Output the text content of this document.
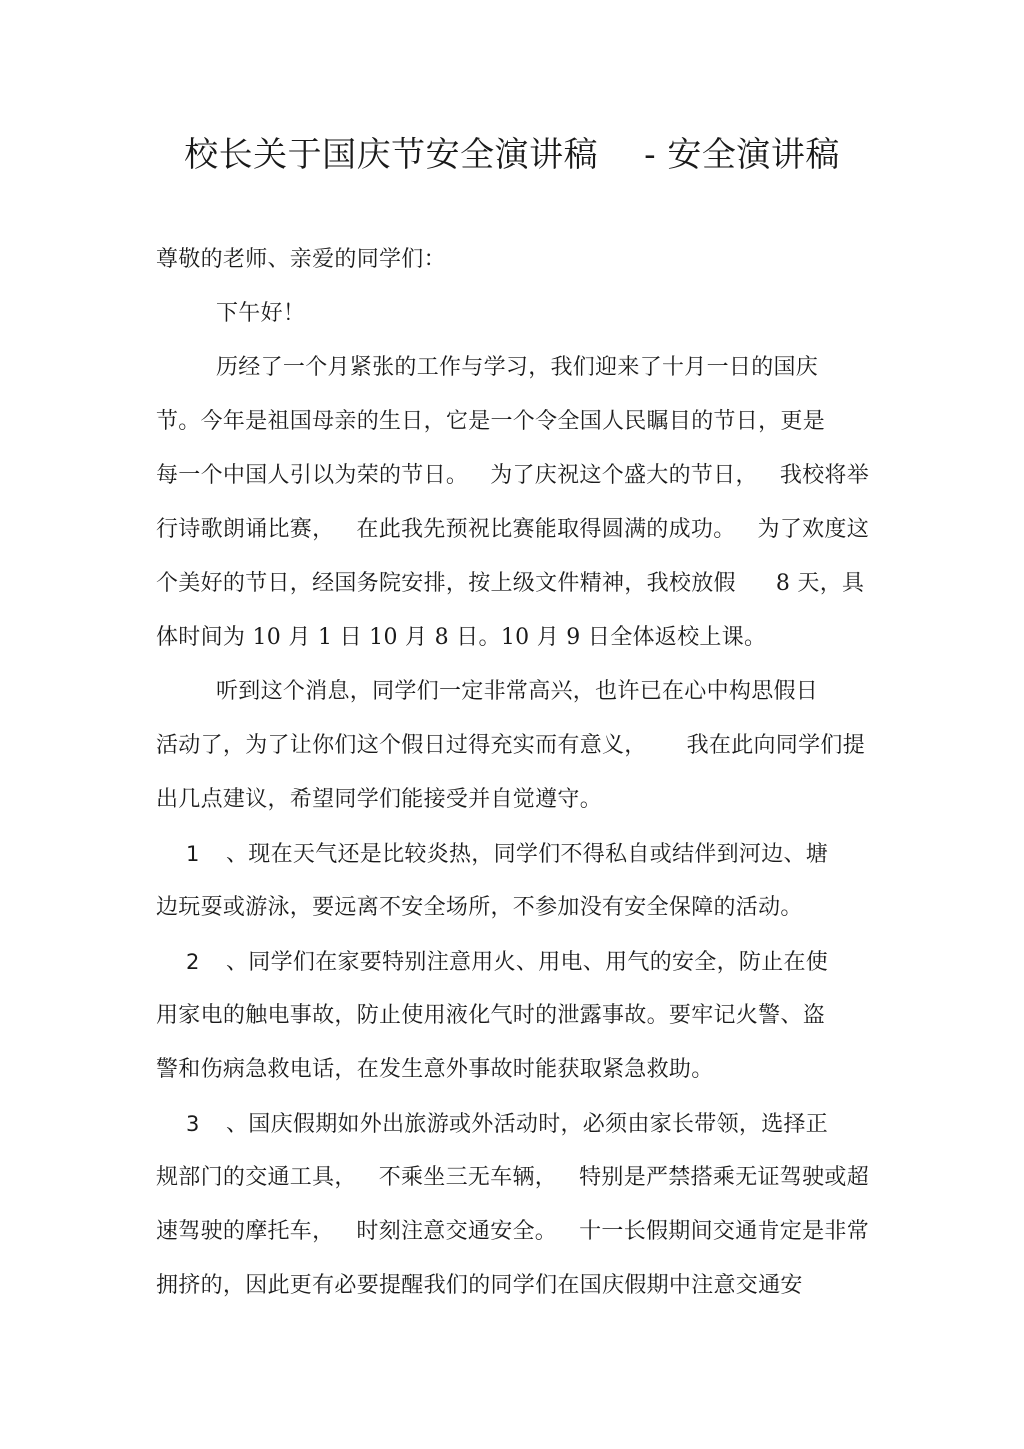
校长关于国庆节安全演讲稿 - 安全演讲稿
尊敬的老师、亲爱的同学们：
下午好！
历经了一个月紧张的工作与学习，我们迎来了十月一日的国庆
节。今年是祖国母亲的生日，它是一个令全国人民瞩目的节日，更是
每一个中国人引以为荣的节日。 为了庆祝这个盛大的节日， 我校将举
行诗歌朗诵比赛， 在此我先预祝比赛能取得圆满的成功。 为了欢度这
个美好的节日，经国务院安排，按上级文件精神，我校放假 8 天，具
体时间为 10 月 1 日 10 月 8 日。10 月 9 日全体返校上课。
听到这个消息，同学们一定非常高兴，也许已在心中构思假日
活动了，为了让你们这个假日过得充实而有意义， 我在此向同学们提
出几点建议，希望同学们能接受并自觉遵守。
1 、现在天气还是比较炎热，同学们不得私自或结伴到河边、塘
边玩耍或游泳，要远离不安全场所，不参加没有安全保障的活动。
2 、同学们在家要特别注意用火、用电、用气的安全，防止在使
用家电的触电事故，防止使用液化气时的泄露事故。要牢记火警、盗
警和伤病急救电话，在发生意外事故时能获取紧急救助。
3 、国庆假期如外出旅游或外活动时，必须由家长带领，选择正
规部门的交通工具， 不乘坐三无车辆， 特别是严禁搭乘无证驾驶或超
速驾驶的摩托车， 时刻注意交通安全。 十一长假期间交通肯定是非常
拥挤的，因此更有必要提醒我们的同学们在国庆假期中注意交通安
